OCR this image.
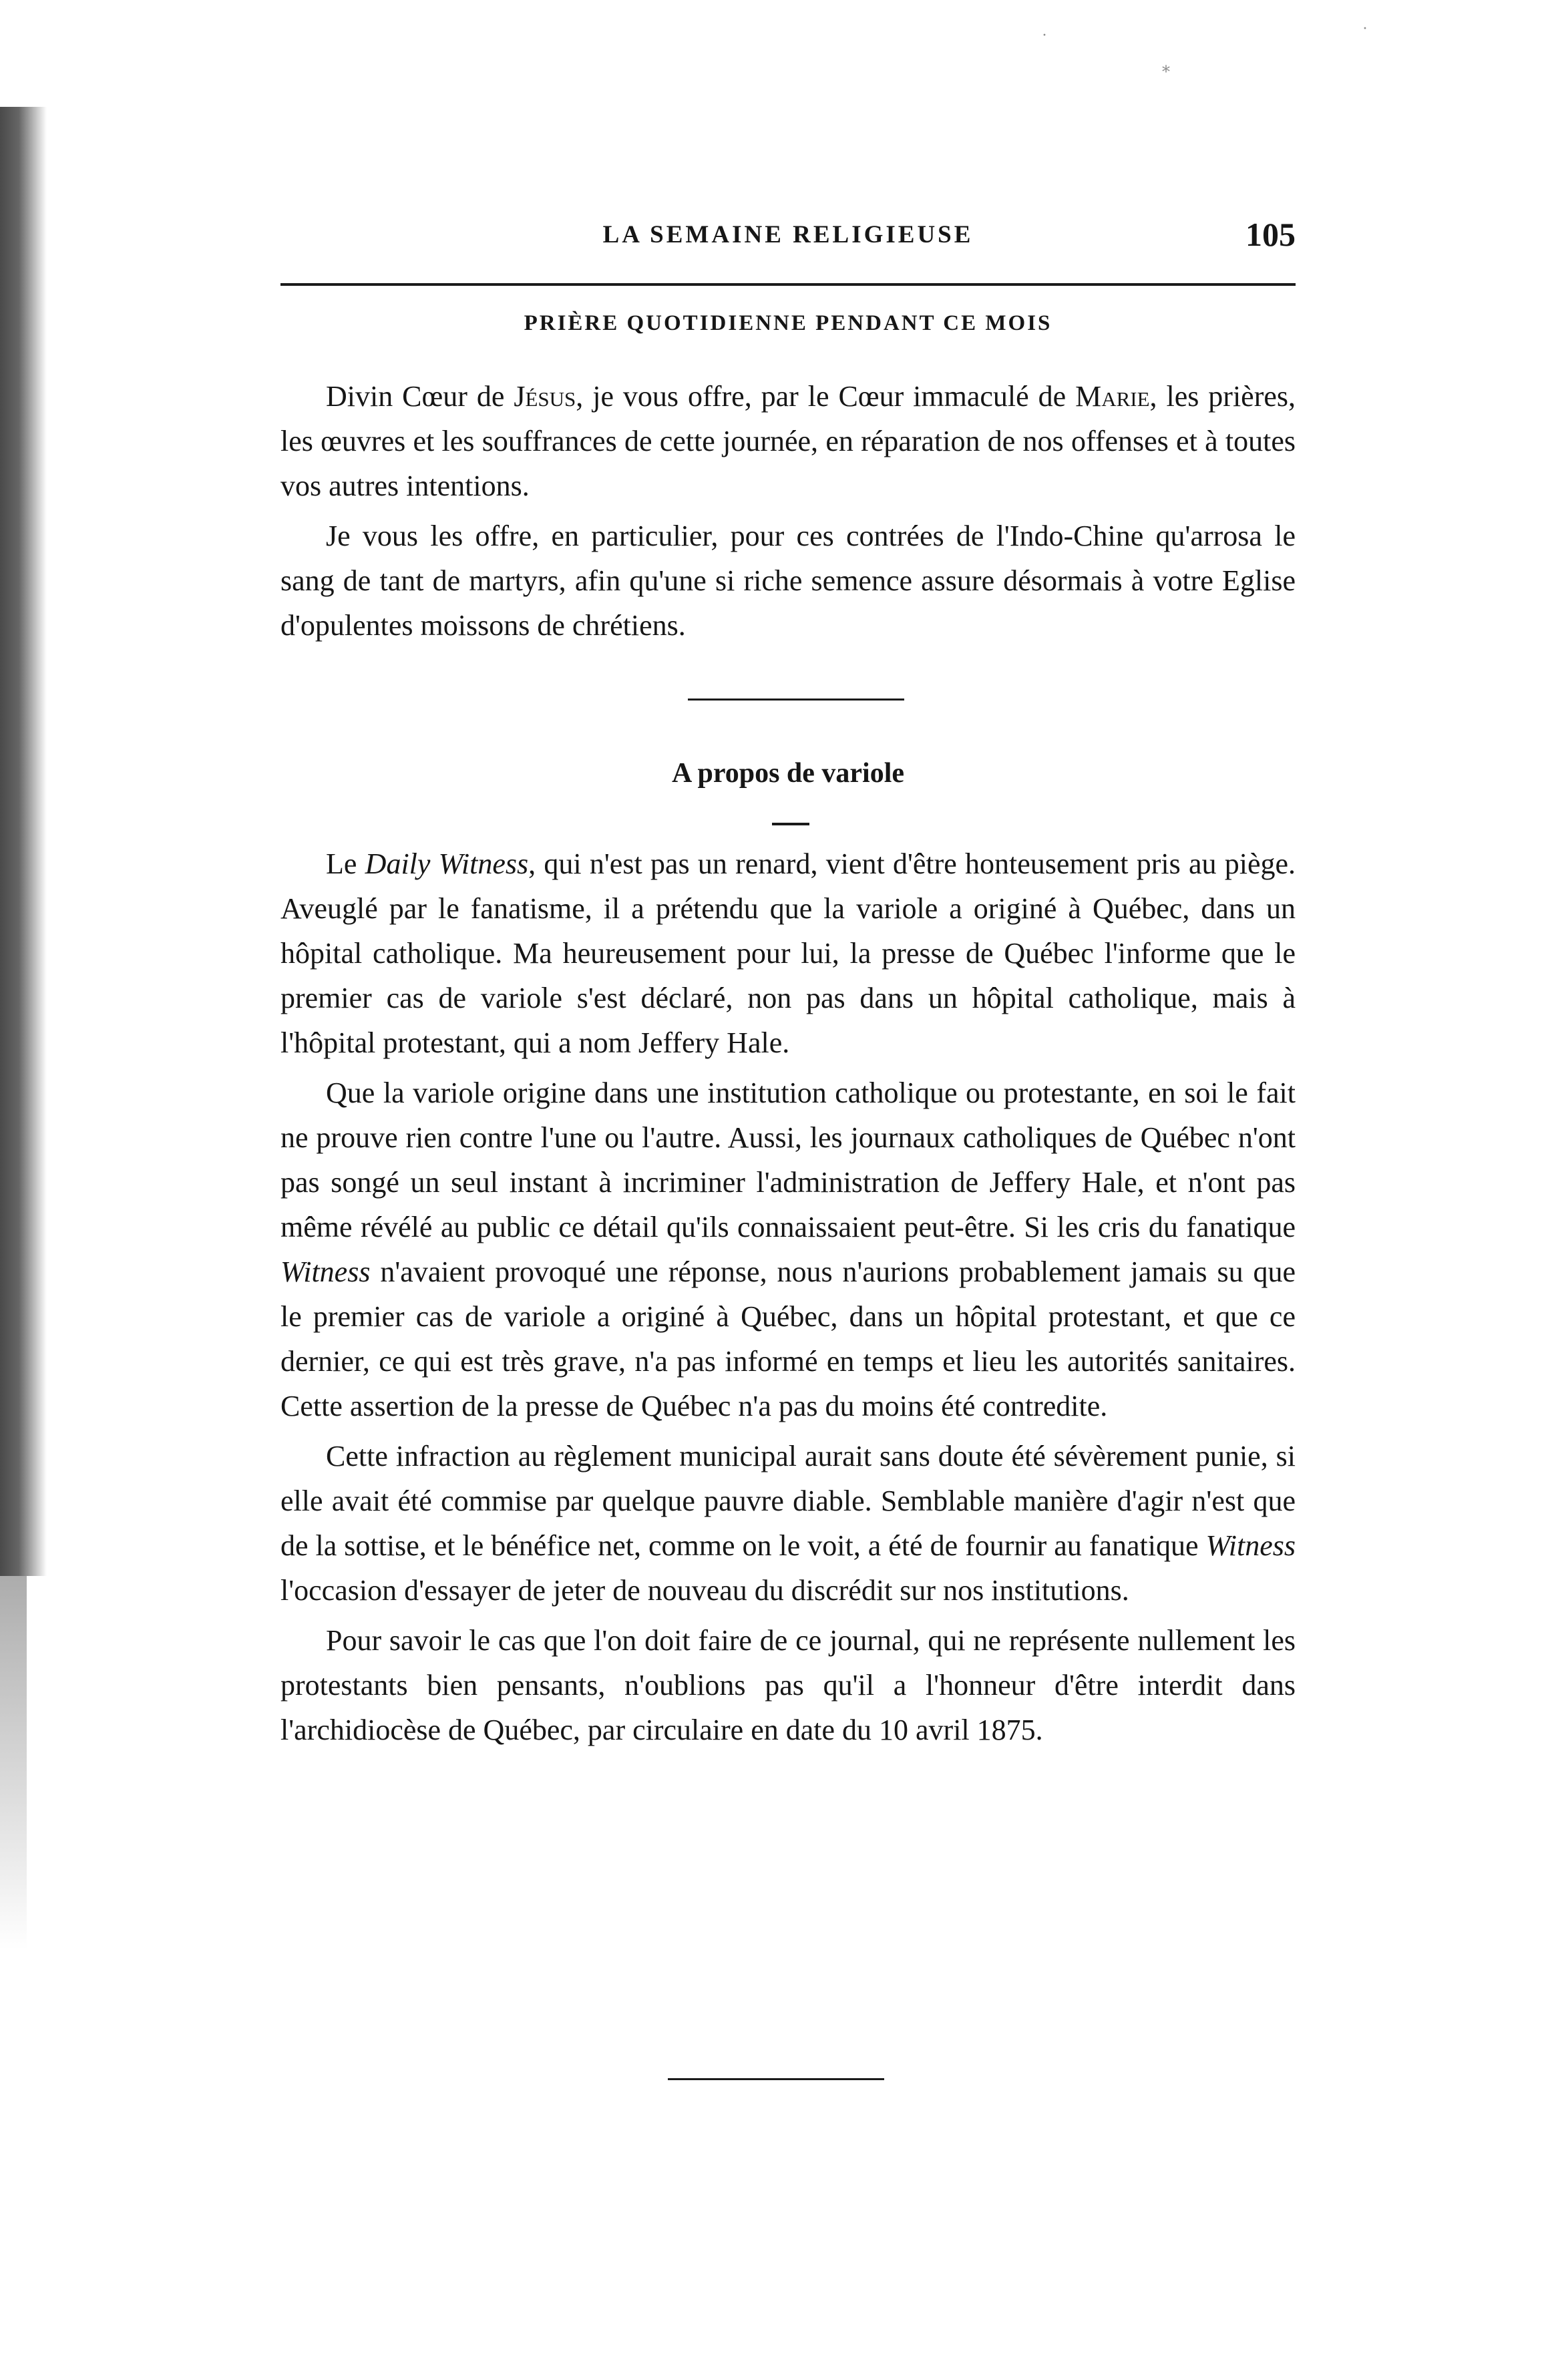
·
⁎
·
LA SEMAINE RELIGIEUSE	105
PRIÈRE QUOTIDIENNE PENDANT CE MOIS

Divin Cœur de Jésus, je vous offre, par le Cœur immaculé de Marie, les prières, les œuvres et les souffrances de cette journée, en réparation de nos offenses et à toutes vos autres intentions.

Je vous les offre, en particulier, pour ces contrées de l'Indo-Chine qu'arrosa le sang de tant de martyrs, afin qu'une si riche semence assure désormais à votre Eglise d'opulentes moissons de chrétiens.

A propos de variole

Le Daily Witness, qui n'est pas un renard, vient d'être honteusement pris au piège. Aveuglé par le fanatisme, il a prétendu que la variole a originé à Québec, dans un hôpital catholique. Ma heureusement pour lui, la presse de Québec l'informe que le premier cas de variole s'est déclaré, non pas dans un hôpital catholique, mais à l'hôpital protestant, qui a nom Jeffery Hale.

Que la variole origine dans une institution catholique ou protestante, en soi le fait ne prouve rien contre l'une ou l'autre. Aussi, les journaux catholiques de Québec n'ont pas songé un seul instant à incriminer l'administration de Jeffery Hale, et n'ont pas même révélé au public ce détail qu'ils connaissaient peut-être. Si les cris du fanatique Witness n'avaient provoqué une réponse, nous n'aurions probablement jamais su que le premier cas de variole a originé à Québec, dans un hôpital protestant, et que ce dernier, ce qui est très grave, n'a pas informé en temps et lieu les autorités sanitaires. Cette assertion de la presse de Québec n'a pas du moins été contredite.

Cette infraction au règlement municipal aurait sans doute été sévèrement punie, si elle avait été commise par quelque pauvre diable. Semblable manière d'agir n'est que de la sottise, et le bénéfice net, comme on le voit, a été de fournir au fanatique Witness l'occasion d'essayer de jeter de nouveau du discrédit sur nos institutions.

Pour savoir le cas que l'on doit faire de ce journal, qui ne représente nullement les protestants bien pensants, n'oublions pas qu'il a l'honneur d'être interdit dans l'archidiocèse de Québec, par circulaire en date du 10 avril 1875.
